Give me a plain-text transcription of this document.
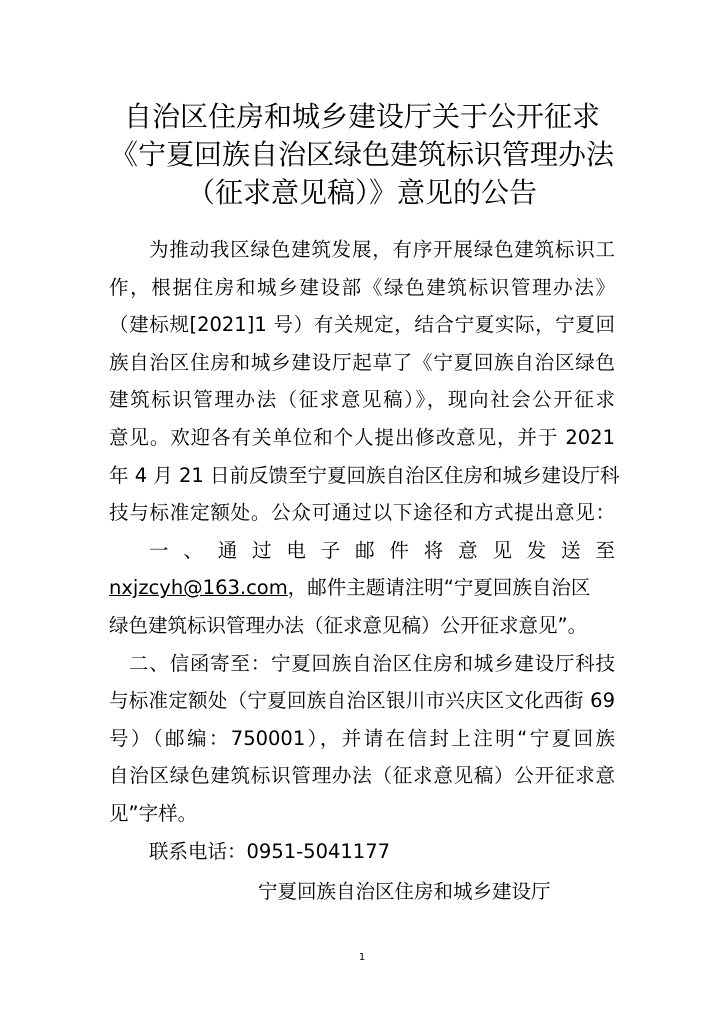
自治区住房和城乡建设厅关于公开征求
《宁夏回族自治区绿色建筑标识管理办法
（征求意见稿）》意见的公告
为推动我区绿色建筑发展，有序开展绿色建筑标识工
作，根据住房和城乡建设部《绿色建筑标识管理办法》
（建标规[2021]1 号）有关规定，结合宁夏实际，宁夏回
族自治区住房和城乡建设厅起草了《宁夏回族自治区绿色
建筑标识管理办法（征求意见稿）》，现向社会公开征求
意见。欢迎各有关单位和个人提出修改意见，并于 2021
年 4 月 21 日前反馈至宁夏回族自治区住房和城乡建设厅科
技与标准定额处。公众可通过以下途径和方式提出意见：
一 、 通 过 电 子 邮 件 将 意 见 发 送 至
nxjzcyh@163.com，邮件主题请注明“宁夏回族自治区
绿色建筑标识管理办法（征求意见稿）公开征求意见”。
二、信函寄至：宁夏回族自治区住房和城乡建设厅科技
与标准定额处（宁夏回族自治区银川市兴庆区文化西街 69
号）（邮编：750001），并请在信封上注明“宁夏回族
自治区绿色建筑标识管理办法（征求意见稿）公开征求意
见”字样。
联系电话：0951-5041177
宁夏回族自治区住房和城乡建设厅
1
